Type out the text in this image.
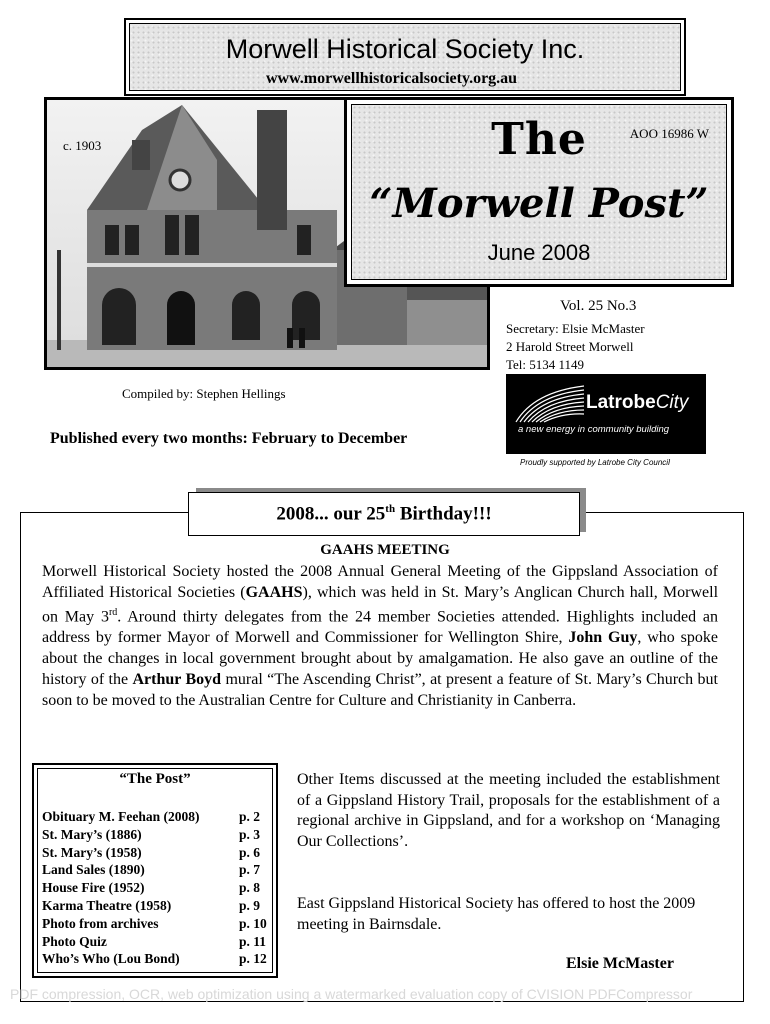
Morwell Historical Society Inc.
www.morwellhistoricalsociety.org.au
c. 1903	The	AOO 16986 W
“Morwell Post”
June 2008
Vol. 25 No.3
Secretary: Elsie McMaster
2 Harold Street Morwell
Tel: 5134 1149
Compiled by: Stephen Hellings
Published every two months: February to December
LatrobeCity
a new energy in community building
Proudly supported by Latrobe City Council
2008... our 25th Birthday!!!
GAAHS MEETING
Morwell Historical Society hosted the 2008 Annual General Meeting of the Gippsland Association of Affiliated Historical Societies (GAAHS), which was held in St. Mary’s Anglican Church hall, Morwell on May 3rd. Around thirty delegates from the 24 member Societies attended. Highlights included an address by former Mayor of Morwell and Commissioner for Wellington Shire, John Guy, who spoke about the changes in local government brought about by amalgamation. He also gave an outline of the history of the Arthur Boyd mural “The Ascending Christ”, at present a feature of St. Mary’s Church but soon to be moved to the Australian Centre for Culture and Christianity in Canberra.
“The Post”
Obituary M. Feehan (2008)	p. 2
St. Mary’s (1886)	p. 3
St. Mary’s (1958)	p. 6
Land Sales (1890)	p. 7
House Fire (1952)	p. 8
Karma Theatre (1958)	p. 9
Photo from archives	p. 10
Photo Quiz	p. 11
Who’s Who (Lou Bond)	p. 12
Other Items discussed at the meeting included the establishment of a Gippsland History Trail, proposals for the establishment of a regional archive in Gippsland, and for a workshop on ‘Managing Our Collections’.
East Gippsland Historical Society has offered to host the 2009 meeting in Bairnsdale.
Elsie McMaster
PDF compression, OCR, web optimization using a watermarked evaluation copy of CVISION PDFCompressor
